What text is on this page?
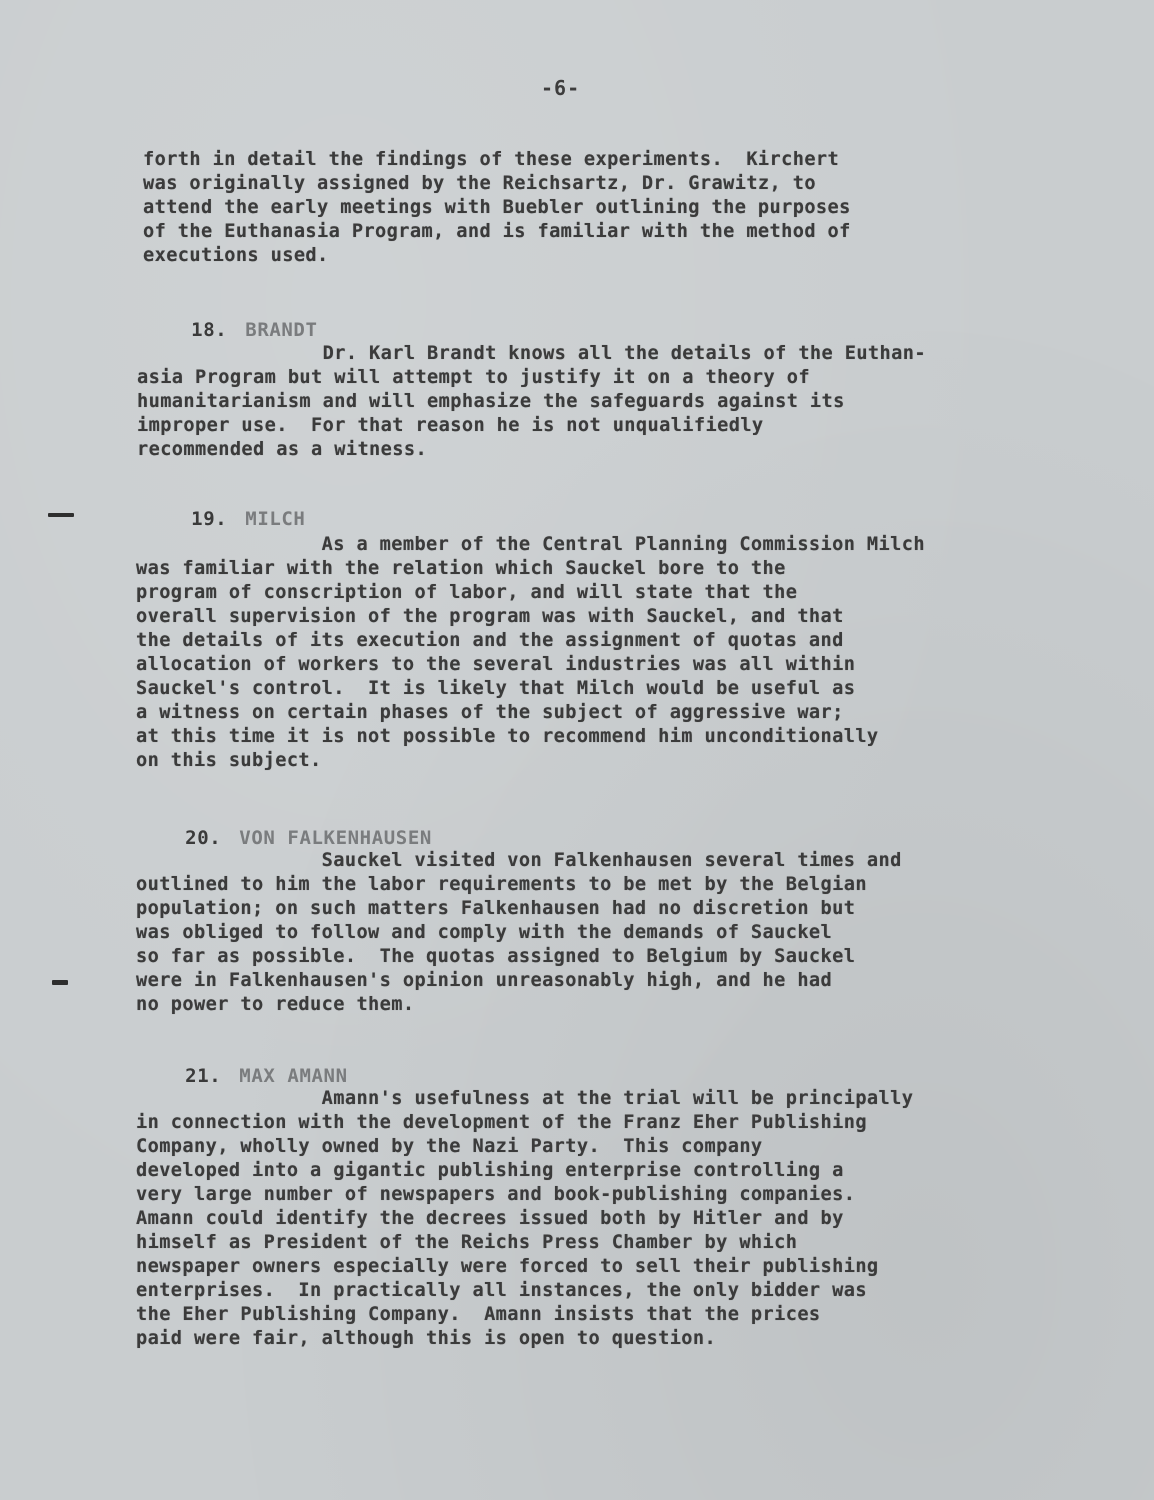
-6-
forth in detail the findings of these experiments.  Kirchert
was originally assigned by the Reichsartz, Dr. Grawitz, to
attend the early meetings with Buebler outlining the purposes
of the Euthanasia Program, and is familiar with the method of
executions used.

18. BRANDT

Dr. Karl Brandt knows all the details of the Euthan-
asia Program but will attempt to justify it on a theory of
humanitarianism and will emphasize the safeguards against its
improper use.  For that reason he is not unqualifiedly
recommended as a witness.

19. MILCH

As a member of the Central Planning Commission Milch
was familiar with the relation which Sauckel bore to the
program of conscription of labor, and will state that the
overall supervision of the program was with Sauckel, and that
the details of its execution and the assignment of quotas and
allocation of workers to the several industries was all within
Sauckel's control.  It is likely that Milch would be useful as
a witness on certain phases of the subject of aggressive war;
at this time it is not possible to recommend him unconditionally
on this subject.

20. VON FALKENHAUSEN

Sauckel visited von Falkenhausen several times and
outlined to him the labor requirements to be met by the Belgian
population; on such matters Falkenhausen had no discretion but
was obliged to follow and comply with the demands of Sauckel
so far as possible.  The quotas assigned to Belgium by Sauckel
were in Falkenhausen's opinion unreasonably high, and he had
no power to reduce them.

21. MAX AMANN

Amann's usefulness at the trial will be principally
in connection with the development of the Franz Eher Publishing
Company, wholly owned by the Nazi Party.  This company
developed into a gigantic publishing enterprise controlling a
very large number of newspapers and book-publishing companies.
Amann could identify the decrees issued both by Hitler and by
himself as President of the Reichs Press Chamber by which
newspaper owners especially were forced to sell their publishing
enterprises.  In practically all instances, the only bidder was
the Eher Publishing Company.  Amann insists that the prices
paid were fair, although this is open to question.
